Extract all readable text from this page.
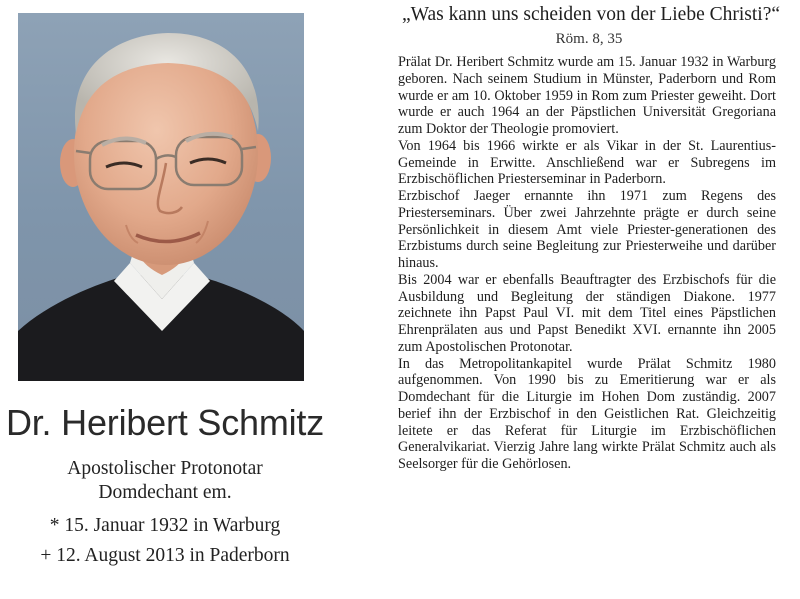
Dr. Heribert Schmitz
Apostolischer Protonotar
Domdechant em.
* 15. Januar 1932 in Warburg
+ 12. August 2013 in Paderborn
„Was kann uns scheiden von der Liebe Christi?“
Röm. 8, 35

Prälat Dr. Heribert Schmitz wurde am 15. Januar 1932 in Warburg geboren. Nach seinem Studium in Münster, Paderborn und Rom wurde er am 10. Oktober 1959 in Rom zum Priester geweiht. Dort wurde er auch 1964 an der Päpstlichen Universität Gregoriana zum Doktor der Theologie promoviert.

Von 1964 bis 1966 wirkte er als Vikar in der St. Laurentius-Gemeinde in Erwitte. Anschließend war er Subregens im Erzbischöflichen Priesterseminar in Paderborn.

Erzbischof Jaeger ernannte ihn 1971 zum Regens des Priesterseminars. Über zwei Jahrzehnte prägte er durch seine Persönlichkeit in diesem Amt viele Priester-generationen des Erzbistums durch seine Begleitung zur Priesterweihe und darüber hinaus.

Bis 2004 war er ebenfalls Beauftragter des Erzbischofs für die Ausbildung und Begleitung der ständigen Diakone. 1977 zeichnete ihn Papst Paul VI. mit dem Titel eines Päpstlichen Ehrenprälaten aus und Papst Benedikt XVI. ernannte ihn 2005 zum Apostolischen Protonotar.

In das Metropolitankapitel wurde Prälat Schmitz 1980 aufgenommen. Von 1990 bis zu Emeritierung war er als Domdechant für die Liturgie im Hohen Dom zuständig. 2007 berief ihn der Erzbischof in den Geistlichen Rat. Gleichzeitig leitete er das Referat für Liturgie im Erzbischöflichen Generalvikariat. Vierzig Jahre lang wirkte Prälat Schmitz auch als Seelsorger für die Gehörlosen.
